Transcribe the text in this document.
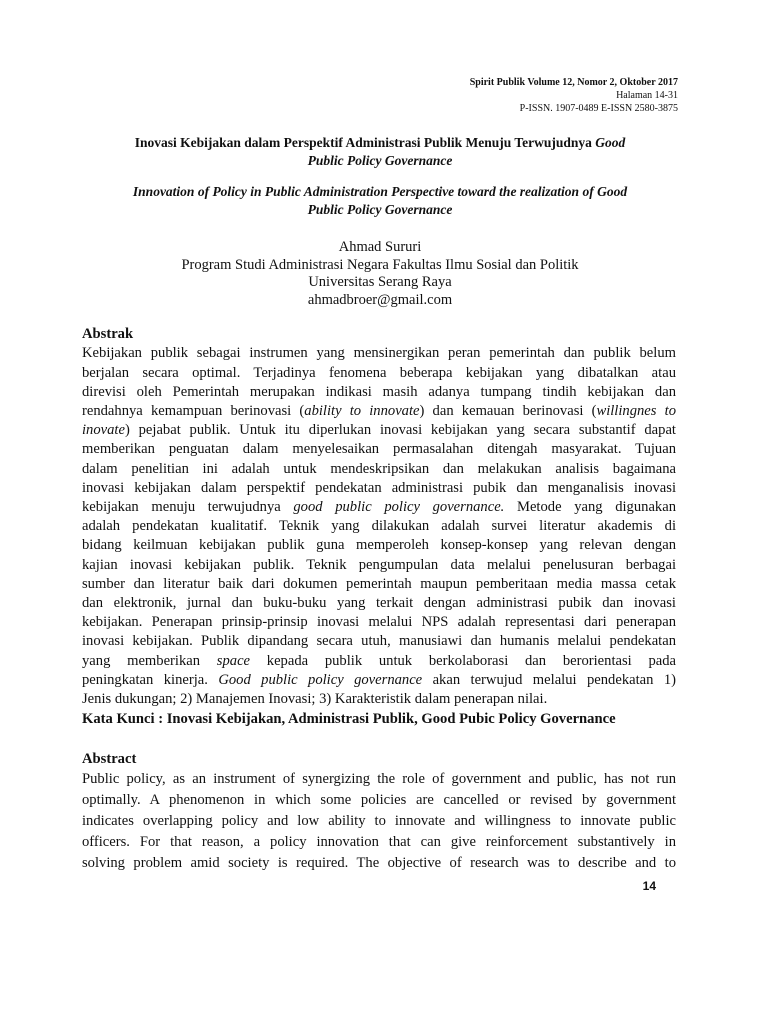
Spirit Publik Volume 12, Nomor 2, Oktober 2017
Halaman 14-31
P-ISSN. 1907-0489 E-ISSN 2580-3875
Inovasi Kebijakan dalam Perspektif Administrasi Publik Menuju Terwujudnya Good
Public Policy Governance
Innovation of Policy in Public Administration Perspective toward the realization of Good
Public Policy Governance
Ahmad Sururi
Program Studi Administrasi Negara Fakultas Ilmu Sosial dan Politik
Universitas Serang Raya
ahmadbroer@gmail.com
Abstrak
Kebijakan publik sebagai instrumen yang mensinergikan peran pemerintah dan publik belum
berjalan secara optimal. Terjadinya fenomena beberapa kebijakan yang dibatalkan atau
direvisi oleh Pemerintah merupakan indikasi masih adanya tumpang tindih kebijakan dan
rendahnya kemampuan berinovasi (ability to innovate) dan kemauan berinovasi (willingnes to
inovate) pejabat publik. Untuk itu diperlukan inovasi kebijakan yang secara substantif dapat
memberikan penguatan dalam menyelesaikan permasalahan ditengah masyarakat. Tujuan
dalam penelitian ini adalah untuk mendeskripsikan dan melakukan analisis bagaimana
inovasi kebijakan dalam perspektif pendekatan administrasi pubik dan menganalisis inovasi
kebijakan menuju terwujudnya good public policy governance. Metode yang digunakan
adalah pendekatan kualitatif. Teknik yang dilakukan adalah survei literatur akademis di
bidang keilmuan kebijakan publik guna memperoleh konsep-konsep yang relevan dengan
kajian inovasi kebijakan publik. Teknik pengumpulan data melalui penelusuran berbagai
sumber dan literatur baik dari dokumen pemerintah maupun pemberitaan media massa cetak
dan elektronik, jurnal dan buku-buku yang terkait dengan administrasi pubik dan inovasi
kebijakan. Penerapan prinsip-prinsip inovasi melalui NPS adalah representasi dari penerapan
inovasi kebijakan. Publik dipandang secara utuh, manusiawi dan humanis melalui pendekatan
yang memberikan space kepada publik untuk berkolaborasi dan berorientasi pada
peningkatan kinerja. Good public policy governance akan terwujud melalui pendekatan 1)
Jenis dukungan; 2) Manajemen Inovasi; 3) Karakteristik dalam penerapan nilai.
Kata Kunci : Inovasi Kebijakan, Administrasi Publik, Good Pubic Policy Governance
Abstract
Public policy, as an instrument of synergizing the role of government and public, has not run
optimally. A phenomenon in which some policies are cancelled or revised by government
indicates overlapping policy and low ability to innovate and willingness to innovate public
officers. For that reason, a policy innovation that can give reinforcement substantively in
solving problem amid society is required. The objective of research was to describe and to
14
